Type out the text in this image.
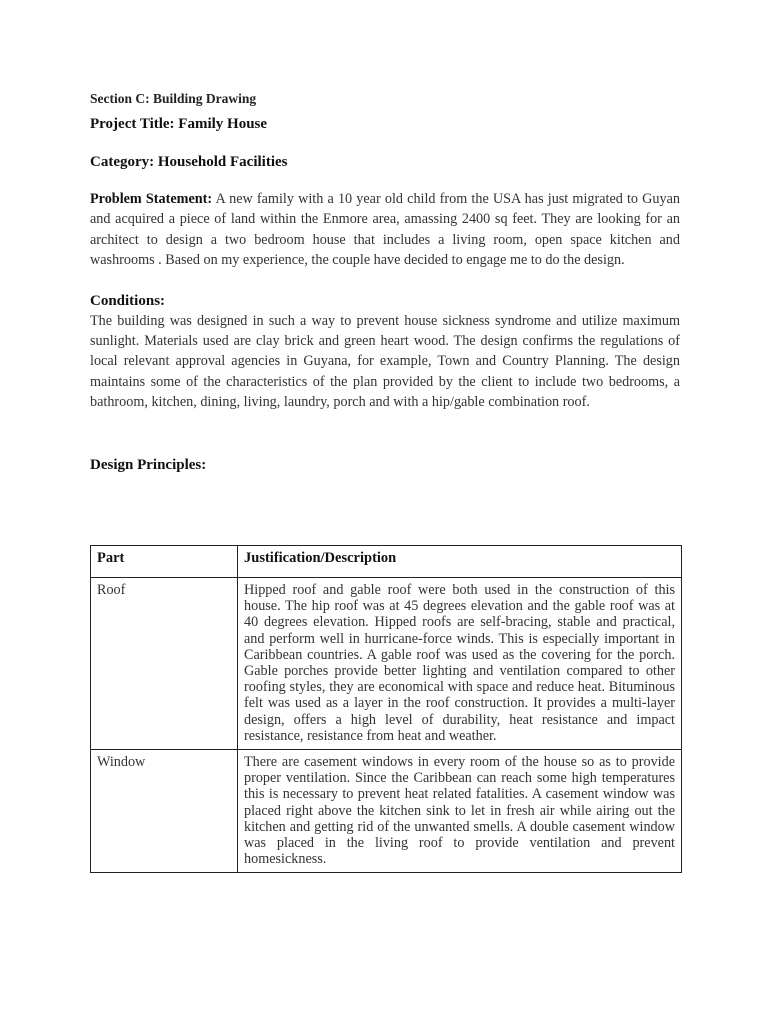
Section C: Building Drawing

Project Title: Family House

Category: Household Facilities

Problem Statement: A new family with a 10 year old child from the USA has just migrated to Guyan and acquired a piece of land within the Enmore area, amassing 2400 sq feet. They are looking for an architect to design a two bedroom house that includes a living room, open space kitchen and washrooms . Based on my experience, the couple have decided to engage me to do the design.

Conditions:

The building was designed in such a way to prevent house sickness syndrome and utilize maximum sunlight. Materials used are clay brick and green heart wood. The design confirms the regulations of local relevant approval agencies in Guyana, for example, Town and Country Planning. The design maintains some of the characteristics of the plan provided by the client to include two bedrooms, a bathroom, kitchen, dining, living, laundry, porch and with a hip/gable combination roof.

Design Principles:

Part	Justification/Description
Roof	Hipped roof and gable roof were both used in the construction of this house. The hip roof was at 45 degrees elevation and the gable roof was at 40 degrees elevation. Hipped roofs are self-bracing, stable and practical, and perform well in hurricane-force winds. This is especially important in Caribbean countries. A gable roof was used as the covering for the porch. Gable porches provide better lighting and ventilation compared to other roofing styles, they are economical with space and reduce heat. Bituminous felt was used as a layer in the roof construction. It provides a multi-layer design, offers a high level of durability, heat resistance and impact resistance, resistance from heat and weather.
Window	There are casement windows in every room of the house so as to provide proper ventilation. Since the Caribbean can reach some high temperatures this is necessary to prevent heat related fatalities. A casement window was placed right above the kitchen sink to let in fresh air while airing out the kitchen and getting rid of the unwanted smells. A double casement window was placed in the living roof to provide ventilation and prevent homesickness.
